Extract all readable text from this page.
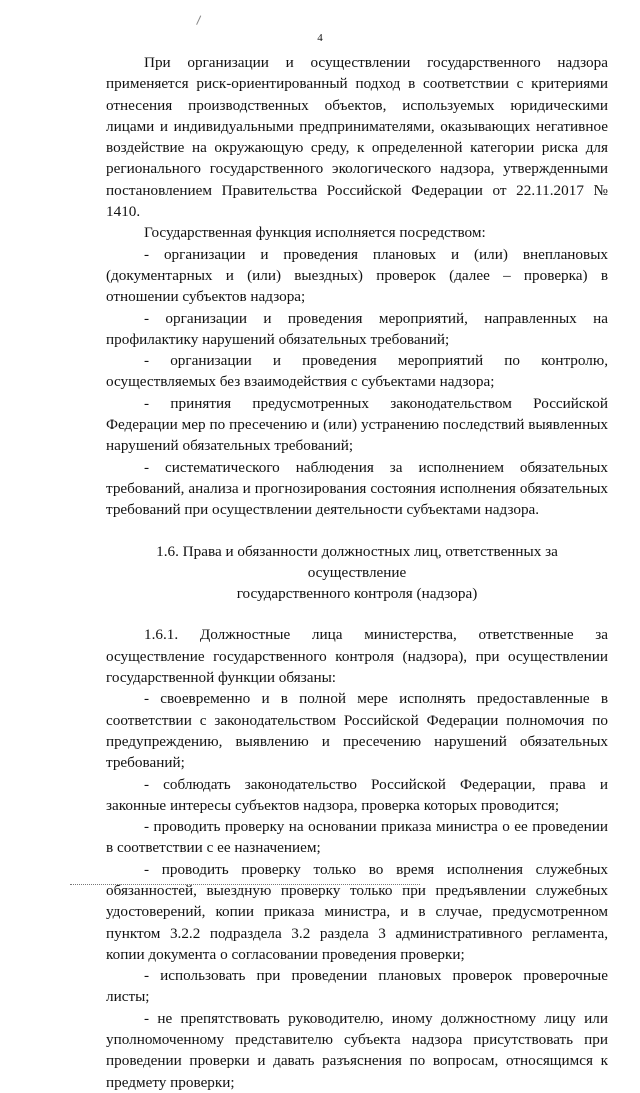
4

При организации и осуществлении государственного надзора применяется риск-ориентированный подход в соответствии с критериями отнесения производственных объектов, используемых юридическими лицами и индивидуальными предпринимателями, оказывающих негативное воздействие на окружающую среду, к определенной категории риска для регионального государственного экологического надзора, утвержденными постановлением Правительства Российской Федерации от 22.11.2017 № 1410.

Государственная функция исполняется посредством:

- организации и проведения плановых и (или) внеплановых (документарных и (или) выездных) проверок (далее – проверка) в отношении субъектов надзора;

- организации и проведения мероприятий, направленных на профилактику нарушений обязательных требований;

- организации и проведения мероприятий по контролю, осуществляемых без взаимодействия с субъектами надзора;

- принятия предусмотренных законодательством Российской Федерации мер по пресечению и (или) устранению последствий выявленных нарушений обязательных требований;

- систематического наблюдения за исполнением обязательных требований, анализа и прогнозирования состояния исполнения обязательных требований при осуществлении деятельности субъектами надзора.

1.6. Права и обязанности должностных лиц, ответственных за осуществление
государственного контроля (надзора)

1.6.1. Должностные лица министерства, ответственные за осуществление государственного контроля (надзора), при осуществлении государственной функции обязаны:

- своевременно и в полной мере исполнять предоставленные в соответствии с законодательством Российской Федерации полномочия по предупреждению, выявлению и пресечению нарушений обязательных требований;

- соблюдать законодательство Российской Федерации, права и законные интересы субъектов надзора, проверка которых проводится;

- проводить проверку на основании приказа министра о ее проведении в соответствии с ее назначением;

- проводить проверку только во время исполнения служебных обязанностей, выездную проверку только при предъявлении служебных удостоверений, копии приказа министра, и в случае, предусмотренном пунктом 3.2.2 подраздела 3.2 раздела 3 административного регламента, копии документа о согласовании проведения проверки;

- использовать при проведении плановых проверок проверочные листы;

- не препятствовать руководителю, иному должностному лицу или уполномоченному представителю субъекта надзора присутствовать при проведении проверки и давать разъяснения по вопросам, относящимся к предмету проверки;
